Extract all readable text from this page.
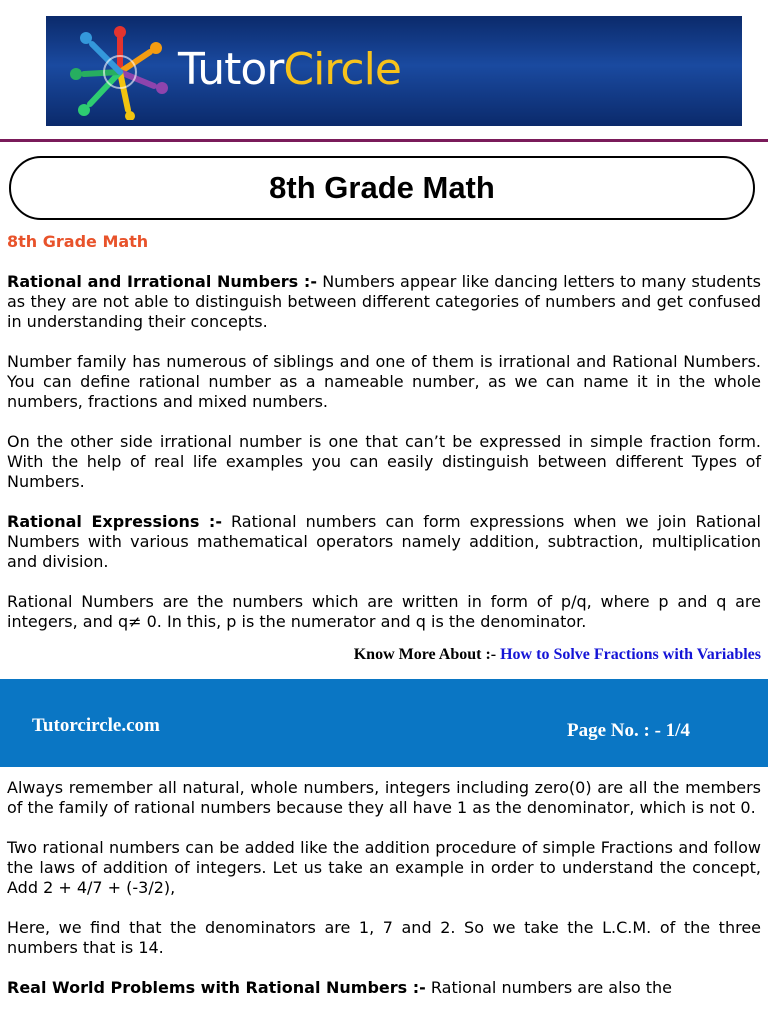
TutorCircle
8th Grade Math
8th Grade Math

Rational and Irrational Numbers :- Numbers appear like dancing letters to many students as they are not able to distinguish between different categories of numbers and get confused in understanding their concepts.

Number family has numerous of siblings and one of them is irrational and Rational Numbers. You can define rational number as a nameable number, as we can name it in the whole numbers, fractions and mixed numbers.

On the other side irrational number is one that can’t be expressed in simple fraction form. With the help of real life examples you can easily distinguish between different Types of Numbers.

Rational Expressions :- Rational numbers can form expressions when we join Rational Numbers with various mathematical operators namely addition, subtraction, multiplication and division.

Rational Numbers are the numbers which are written in form of p/q, where p and q are integers, and q≠ 0. In this, p is the numerator and q is the denominator.

Know More About :- How to Solve Fractions with Variables
Tutorcircle.com	Page No. : - 1/4

Always remember all natural, whole numbers, integers including zero(0) are all the members of the family of rational numbers because they all have 1 as the denominator, which is not 0.

Two rational numbers can be added like the addition procedure of simple Fractions and follow the laws of addition of integers. Let us take an example in order to understand the concept, Add 2 + 4/7 + (-3/2),

Here, we find that the denominators are 1, 7 and 2. So we take the L.C.M. of the three numbers that is 14.

Real World Problems with Rational Numbers :- Rational numbers are also the
